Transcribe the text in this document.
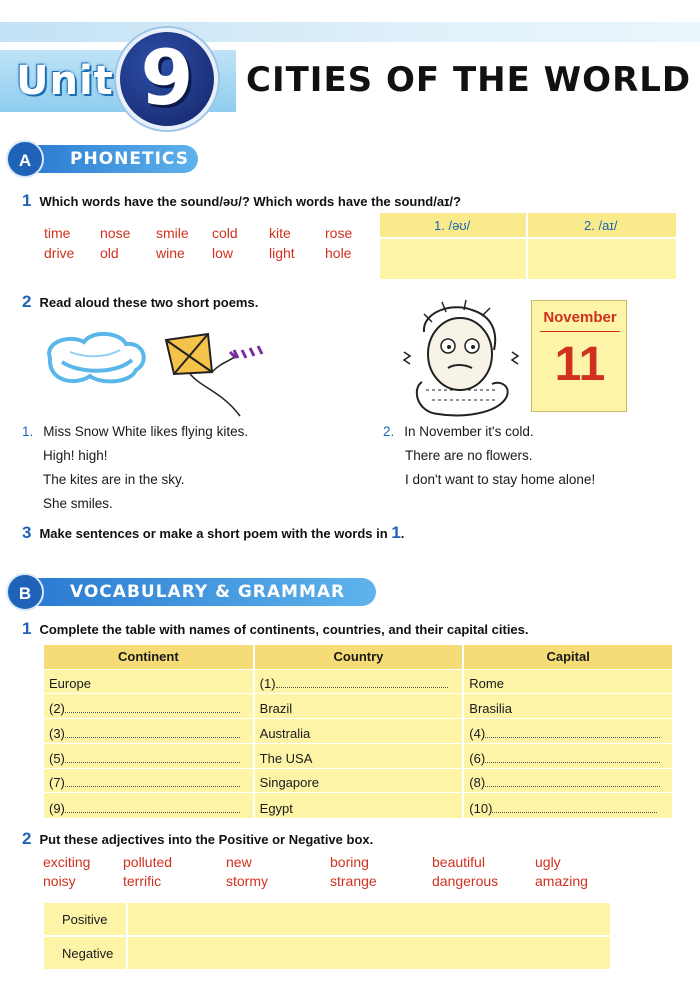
Unit 9	CITIES OF THE WORLD
A	PHONETICS
1 Which words have the sound/əʊ/? Which words have the sound/aɪ/?
time nose smile cold kite rose
drive old	wine low	light hole
1. /əʊ/	2. /aɪ/
2 Read aloud these two short poems.
November
11
1. Miss Snow White likes flying kites.
High! high!
The kites are in the sky.
She smiles.
2. In November it's cold.
There are no flowers.
I don't want to stay home alone!
3 Make sentences or make a short poem with the words in 1.
B	VOCABULARY & GRAMMAR
1 Complete the table with names of continents, countries, and their capital cities.
Continent	Country	Capital
Europe	(1)	Rome
(2)	Brazil	Brasilia
(3)	Australia	(4)
(5)	The USA	(6)
(7)	Singapore	(8)
(9)	Egypt	(10)
2 Put these adjectives into the Positive or Negative box.
exciting polluted	new	boring	beautiful	ugly
noisy	terrific	stormy	strange	dangerous	amazing
Positive
Negative
